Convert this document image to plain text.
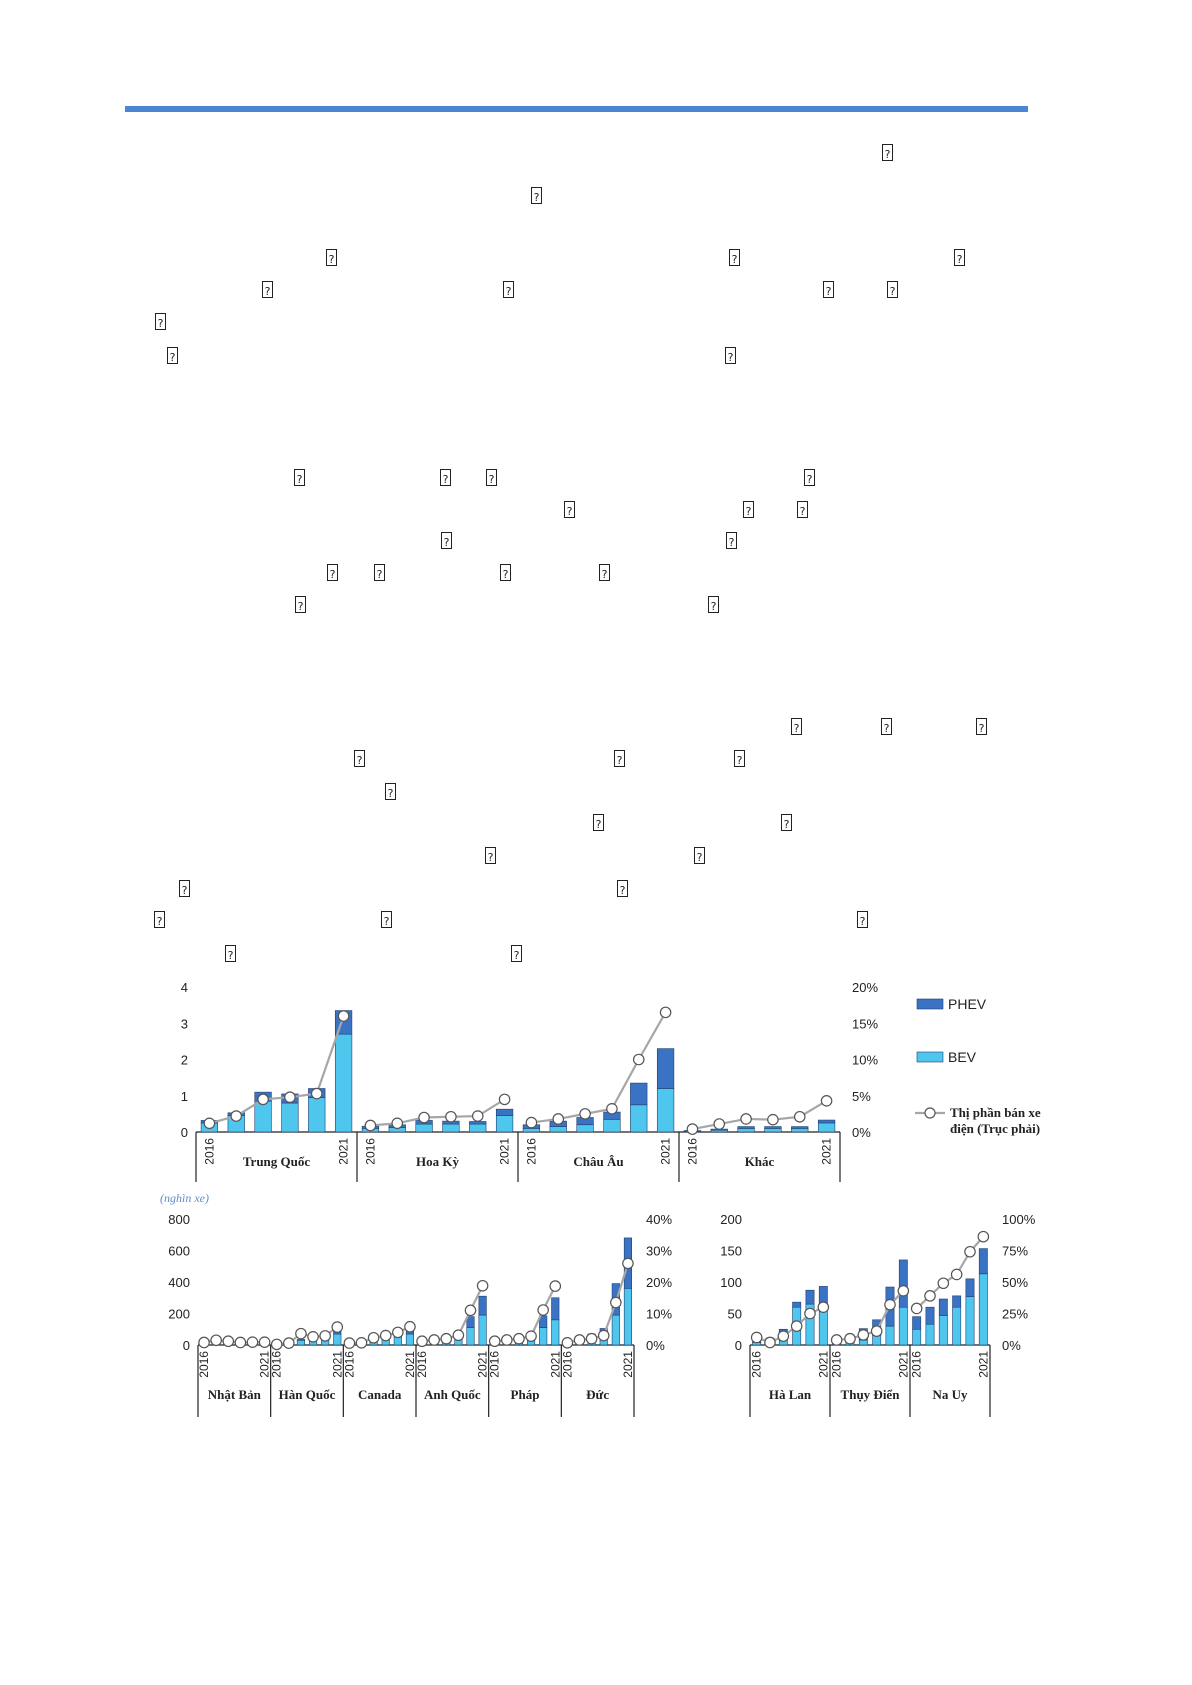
?
?
?	?	?
?	?	?	?
?
?	?
?	?	?	?
?	?	?
?	?
?	?	?	?
?	?
?	?	?
?	?	?
?
?	?
?	?
?	?
?	?	?
?	?
0
1
2
3
4
0%
5%
10%
15%
20%
2016	2021
Trung Quốc	2016	2021
Hoa Kỳ	2016	2021
Châu Âu	2016	2021
Khác
PHEV
BEV
Thị phần bán xe
điện (Trục phải)
(nghìn xe)
0
200
400
600
800
0%
10%
20%
30%
40%
2016	2021
Nhật Bản
2016	2021
Hàn Quốc
2016	2021
Canada
2016	2021
Anh Quốc
2016	2021
Pháp
2016	2021
Đức
0
50
100
150
200
0%
25%
50%
75%
100%
2016	2021
Hà Lan
2016	2021
Thụy Điển
2016	2021
Na Uy
